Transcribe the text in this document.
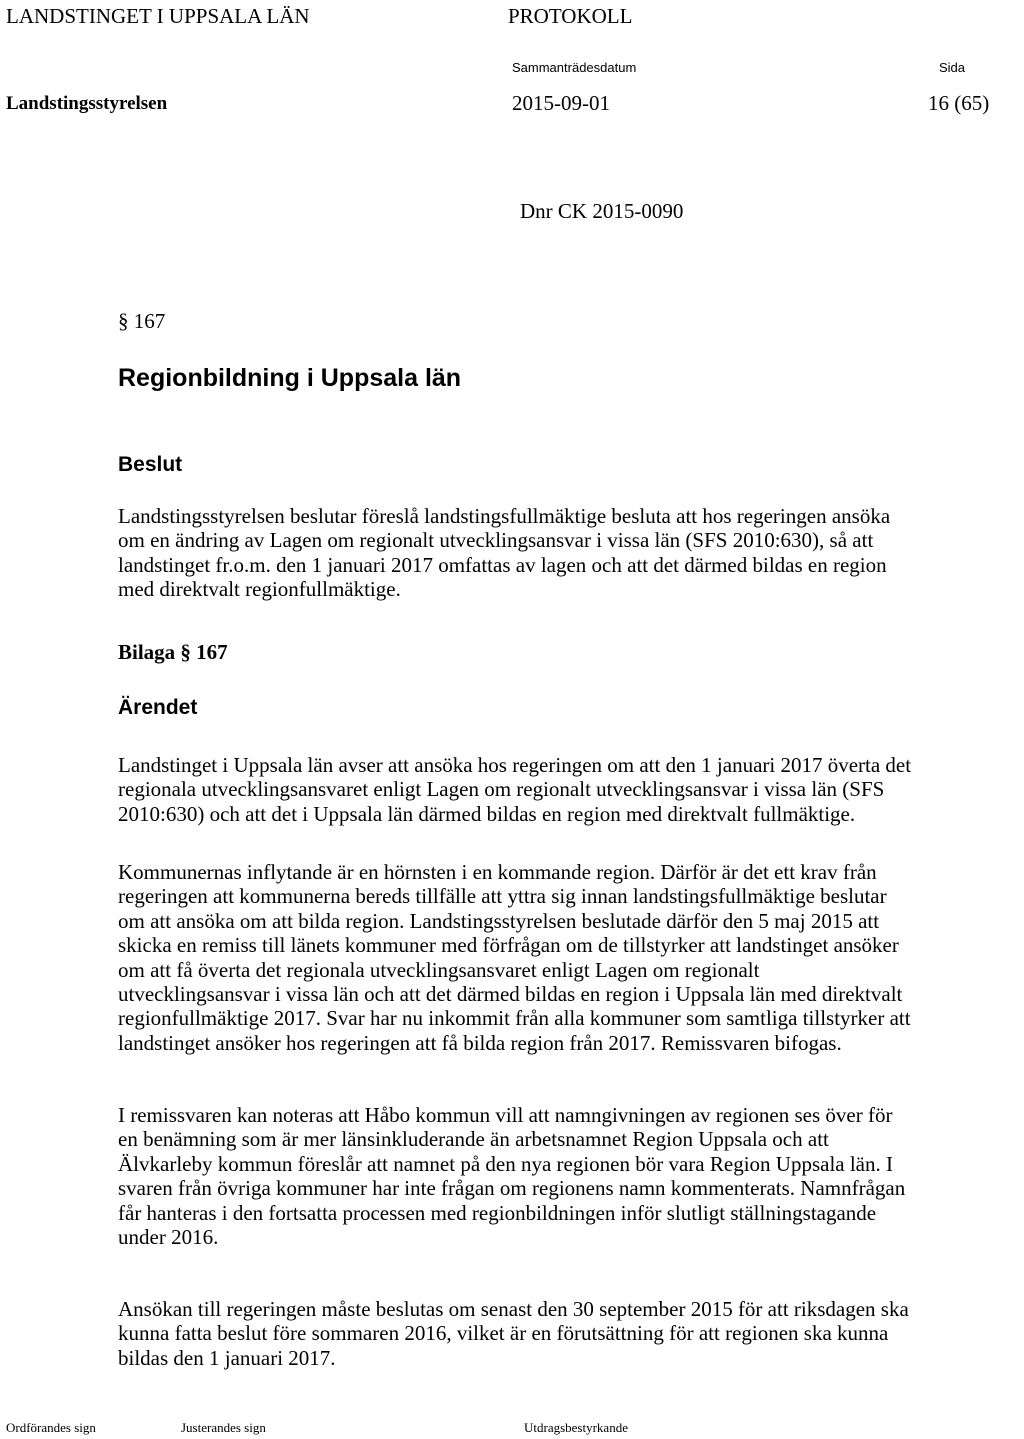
LANDSTINGET I UPPSALA LÄN	PROTOKOLL
Sammanträdesdatum	Sida
Landstingsstyrelsen	2015-09-01	16 (65)
Dnr CK 2015-0090
§ 167
Regionbildning i Uppsala län
Beslut

Landstingsstyrelsen beslutar föreslå landstingsfullmäktige besluta att hos regeringen ansöka

om en ändring av Lagen om regionalt utvecklingsansvar i vissa län (SFS 2010:630), så att

landstinget fr.o.m. den 1 januari 2017 omfattas av lagen och att det därmed bildas en region

med direktvalt regionfullmäktige.

Bilaga § 167
Ärendet

Landstinget i Uppsala län avser att ansöka hos regeringen om att den 1 januari 2017 överta det

regionala utvecklingsansvaret enligt Lagen om regionalt utvecklingsansvar i vissa län (SFS

2010:630) och att det i Uppsala län därmed bildas en region med direktvalt fullmäktige.

Kommunernas inflytande är en hörnsten i en kommande region. Därför är det ett krav från

regeringen att kommunerna bereds tillfälle att yttra sig innan landstingsfullmäktige beslutar

om att ansöka om att bilda region. Landstingsstyrelsen beslutade därför den 5 maj 2015 att

skicka en remiss till länets kommuner med förfrågan om de tillstyrker att landstinget ansöker

om att få överta det regionala utvecklingsansvaret enligt Lagen om regionalt

utvecklingsansvar i vissa län och att det därmed bildas en region i Uppsala län med direktvalt

regionfullmäktige 2017. Svar har nu inkommit från alla kommuner som samtliga tillstyrker att

landstinget ansöker hos regeringen att få bilda region från 2017. Remissvaren bifogas.

I remissvaren kan noteras att Håbo kommun vill att namngivningen av regionen ses över för

en benämning som är mer länsinkluderande än arbetsnamnet Region Uppsala och att

Älvkarleby kommun föreslår att namnet på den nya regionen bör vara Region Uppsala län. I

svaren från övriga kommuner har inte frågan om regionens namn kommenterats. Namnfrågan

får hanteras i den fortsatta processen med regionbildningen inför slutligt ställningstagande

under 2016.

Ansökan till regeringen måste beslutas om senast den 30 september 2015 för att riksdagen ska

kunna fatta beslut före sommaren 2016, vilket är en förutsättning för att regionen ska kunna

bildas den 1 januari 2017.

Ordförandes sign	Justerandes sign	Utdragsbestyrkande
